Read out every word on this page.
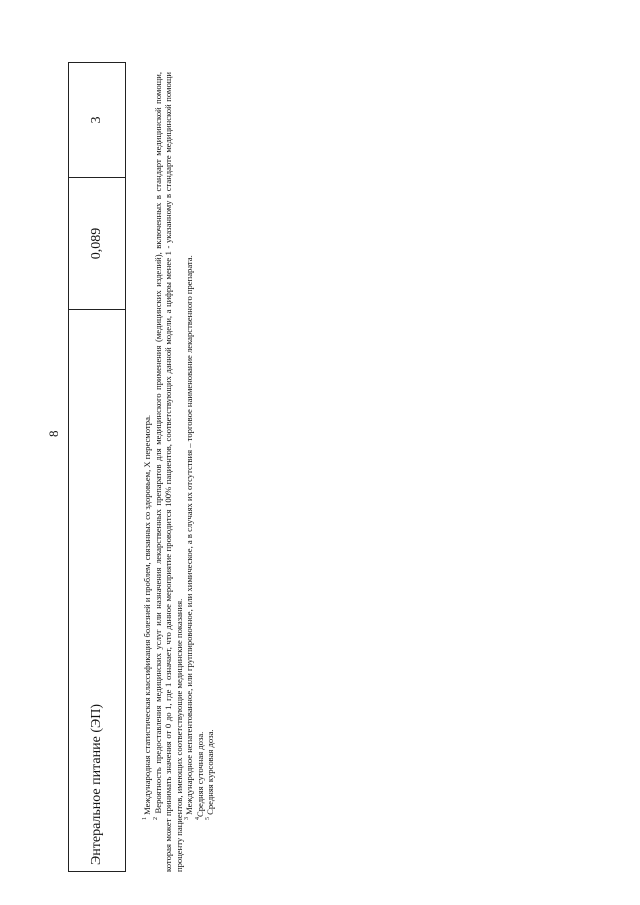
8
Энтеральное питание (ЭП)
0,089
3

$^1$ Международная статистическая классификация болезней и проблем, связанных со здоровьем, X пересмотра.

$^2$ Вероятность предоставления медицинских услуг или назначения лекарственных препаратов для медицинского применения (медицинских изделий), включенных в стандарт медицинской помощи, которая может принимать значения от 0 до 1, где 1 означает, что данное мероприятие проводится 100% пациентов, соответствующих данной модели, а цифры менее 1 - указанному в стандарте медицинской помощи проценту пациентов, имеющих соответствующие медицинские показания. $^3$ Международное непатентованное, или группировочное, или химическое, а в случаях их отсутствия – торговое наименование лекарственного препарата.

$^4$Средняя суточная доза.

$^5$ Средняя курсовая доза.
